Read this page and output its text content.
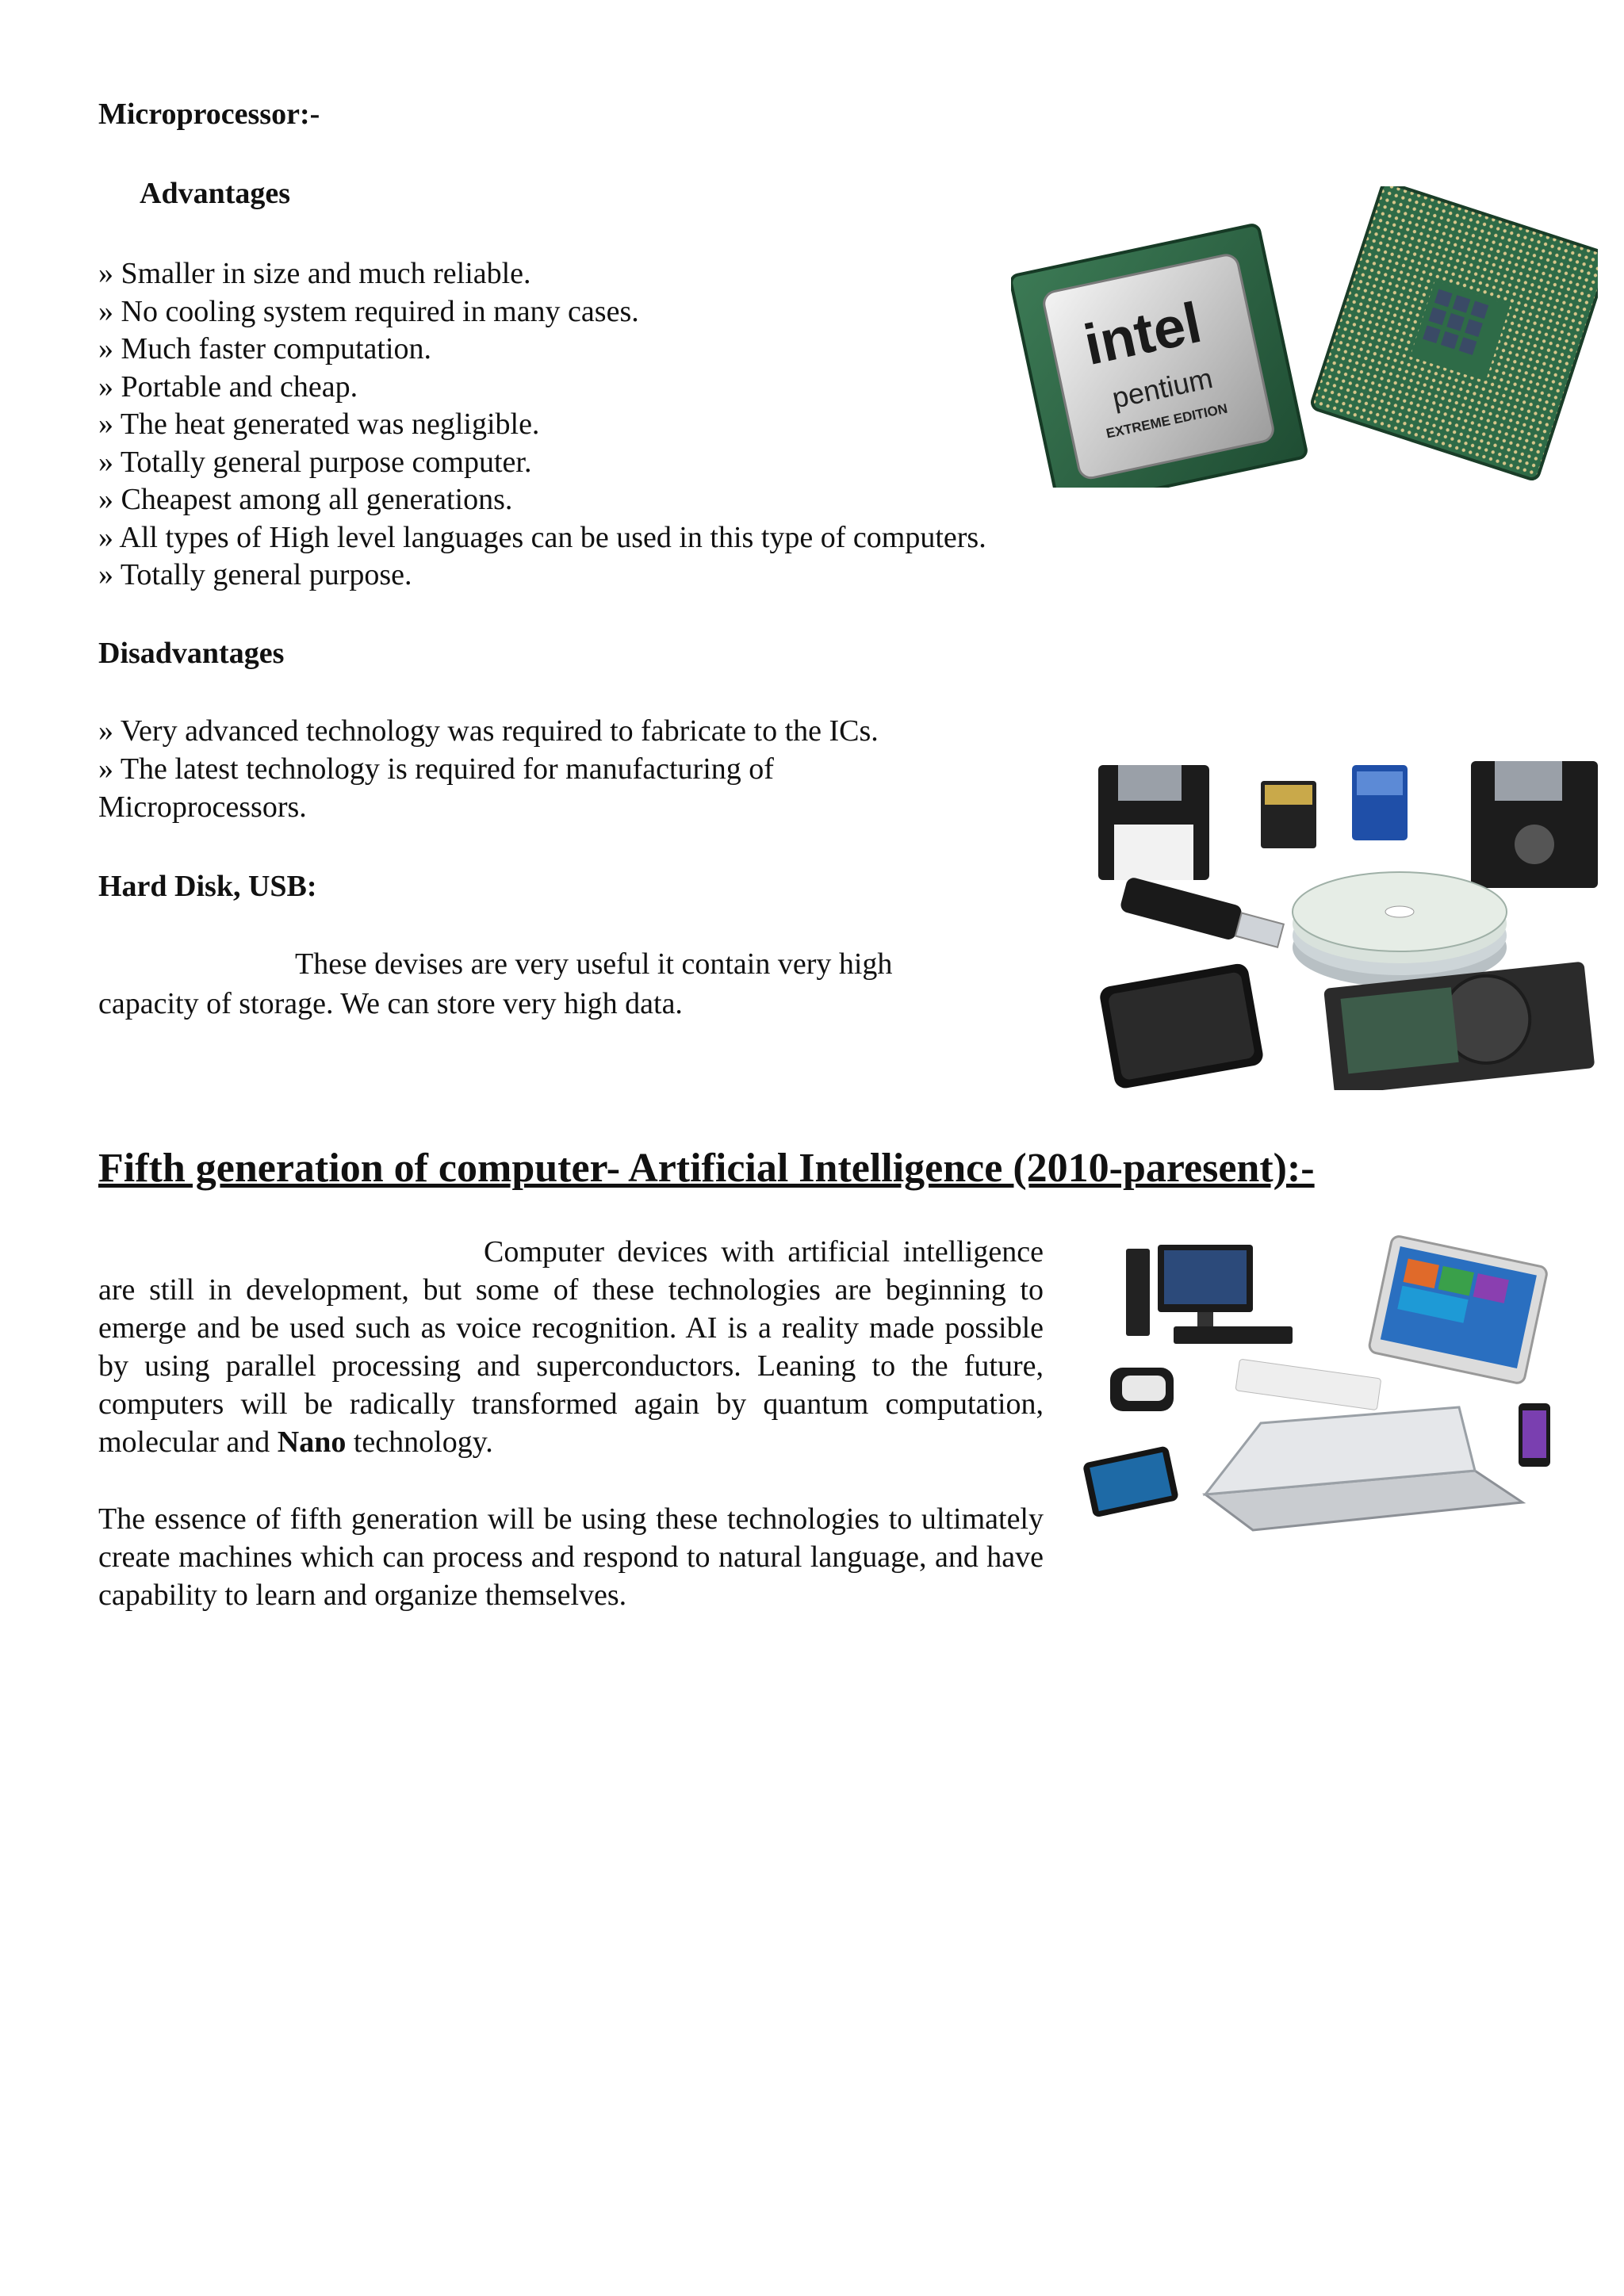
Microprocessor:-
Advantages
» Smaller in size and much reliable.
» No cooling system required in many cases.
» Much faster computation.
» Portable and cheap.
» The heat generated was negligible.
» Totally general purpose computer.
» Cheapest among all generations.
» All types of High level languages can be used in this type of computers.
» Totally general purpose.
intel
pentium
EXTREME EDITION
Disadvantages
» Very advanced technology was required to fabricate to the ICs.
» The latest technology is required for manufacturing of
Microprocessors.
Hard Disk, USB:
These devises are very useful it contain very high
capacity of storage. We can store very high data.
Fifth generation of computer- Artificial Intelligence (2010-paresent):-

Computer devices with artificial intelligence are still in development, but some of these technologies are beginning to emerge and be used such as voice recognition. AI is a reality made possible by using parallel processing and superconductors. Leaning to the future, computers will be radically transformed again by quantum computation, molecular and Nano technology.

The essence of fifth generation will be using these technologies to ultimately create machines which can process and respond to natural language, and have capability to learn and organize themselves.
